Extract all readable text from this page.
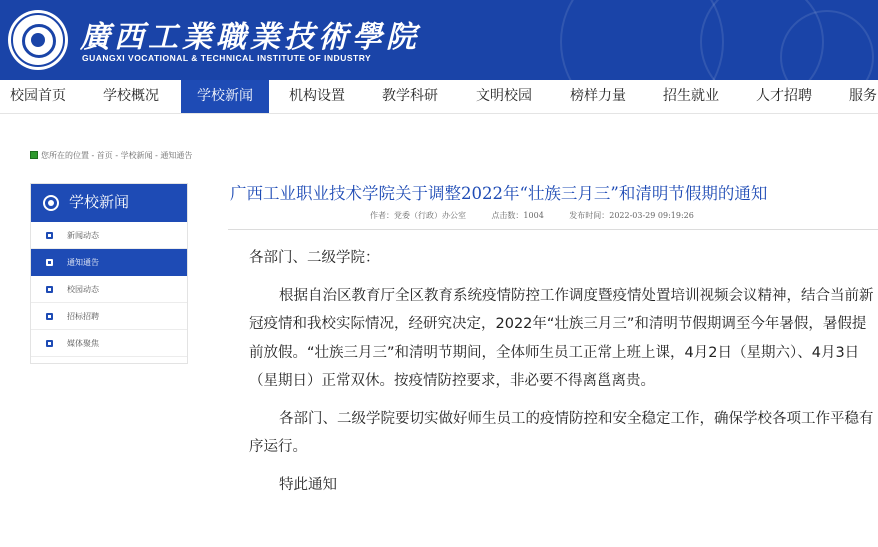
廣西工業職業技術學院
GUANGXI VOCATIONAL & TECHNICAL INSTITUTE OF INDUSTRY
校园首页	学校概况	学校新闻	机构设置	教学科研	文明校园	榜样力量	招生就业	人才招聘	服务
您所在的位置 - 首页 - 学校新闻 - 通知通告
学校新闻
新闻动态
通知通告
校园动态
招标招聘
媒体聚焦
广西工业职业技术学院关于调整2022年“壮族三月三”和清明节假期的通知
作者：党委（行政）办公室	点击数：1004	发布时间：2022-03-29 09:19:26

各部门、二级学院：

根据自治区教育厅全区教育系统疫情防控工作调度暨疫情处置培训视频会议精神，结合当前新冠疫情和我校实际情况，经研究决定，2022年“壮族三月三”和清明节假期调至今年暑假，暑假提前放假。“壮族三月三”和清明节期间，全体师生员工正常上班上课，4月2日（星期六）、4月3日（星期日）正常双休。按疫情防控要求，非必要不得离邕离贵。

各部门、二级学院要切实做好师生员工的疫情防控和安全稳定工作，确保学校各项工作平稳有序运行。

特此通知
